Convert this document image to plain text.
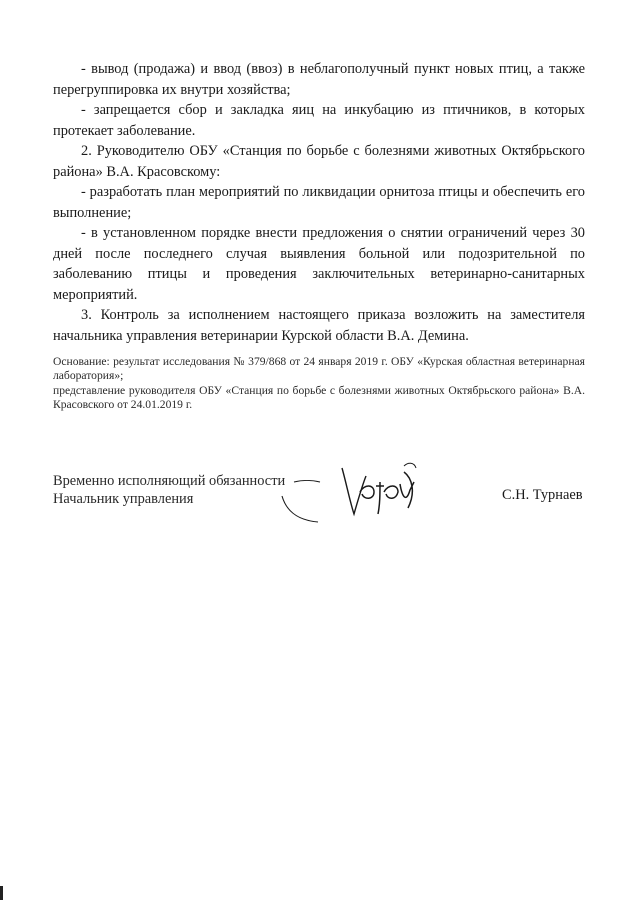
- вывод (продажа) и ввод (ввоз) в неблагополучный пункт новых птиц, а также перегруппировка их внутри хозяйства;

- запрещается сбор и закладка яиц на инкубацию из птичников, в которых протекает заболевание.

2. Руководителю ОБУ «Станция по борьбе с болезнями животных Октябрьского района» В.А. Красовскому:

- разработать план мероприятий по ликвидации орнитоза птицы и обеспечить его выполнение;

- в установленном порядке внести предложения о снятии ограничений через 30 дней после последнего случая выявления больной или подозрительной по заболеванию птицы и проведения заключительных ветеринарно-санитарных мероприятий.

3. Контроль за исполнением настоящего приказа возложить на заместителя начальника управления ветеринарии Курской области В.А. Демина.

Основание: результат исследования № 379/868 от 24 января 2019 г. ОБУ «Курская областная ветеринарная лаборатория»;

представление руководителя ОБУ «Станция по борьбе с болезнями животных Октябрьского района» В.А. Красовского от 24.01.2019 г.

Временно исполняющий обязанности
Начальник управления	С.Н. Турнаев
